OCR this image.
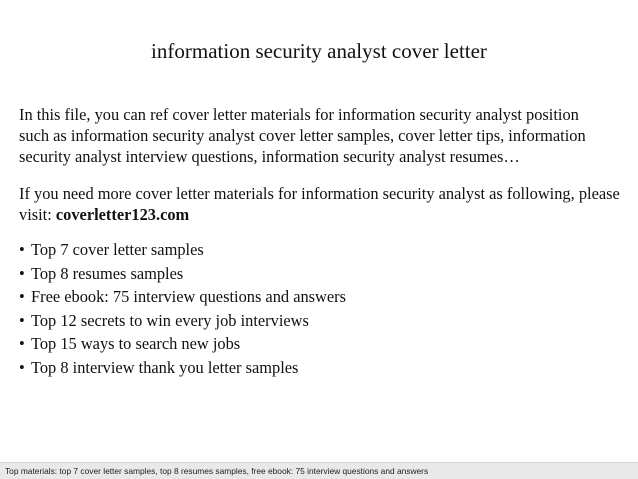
information security analyst cover letter

In this file, you can ref cover letter materials for information security analyst position such as information security analyst cover letter samples, cover letter tips, information security analyst interview questions, information security analyst resumes…

If you need more cover letter materials for information security analyst as following, please visit: coverletter123.com

• Top 7 cover letter samples
• Top 8 resumes samples
• Free ebook: 75 interview questions and answers
• Top 12 secrets to win every job interviews
• Top 15 ways to search new jobs
• Top 8 interview thank you letter samples
Top materials: top 7 cover letter samples, top 8 resumes samples, free ebook: 75 interview questions and answers
